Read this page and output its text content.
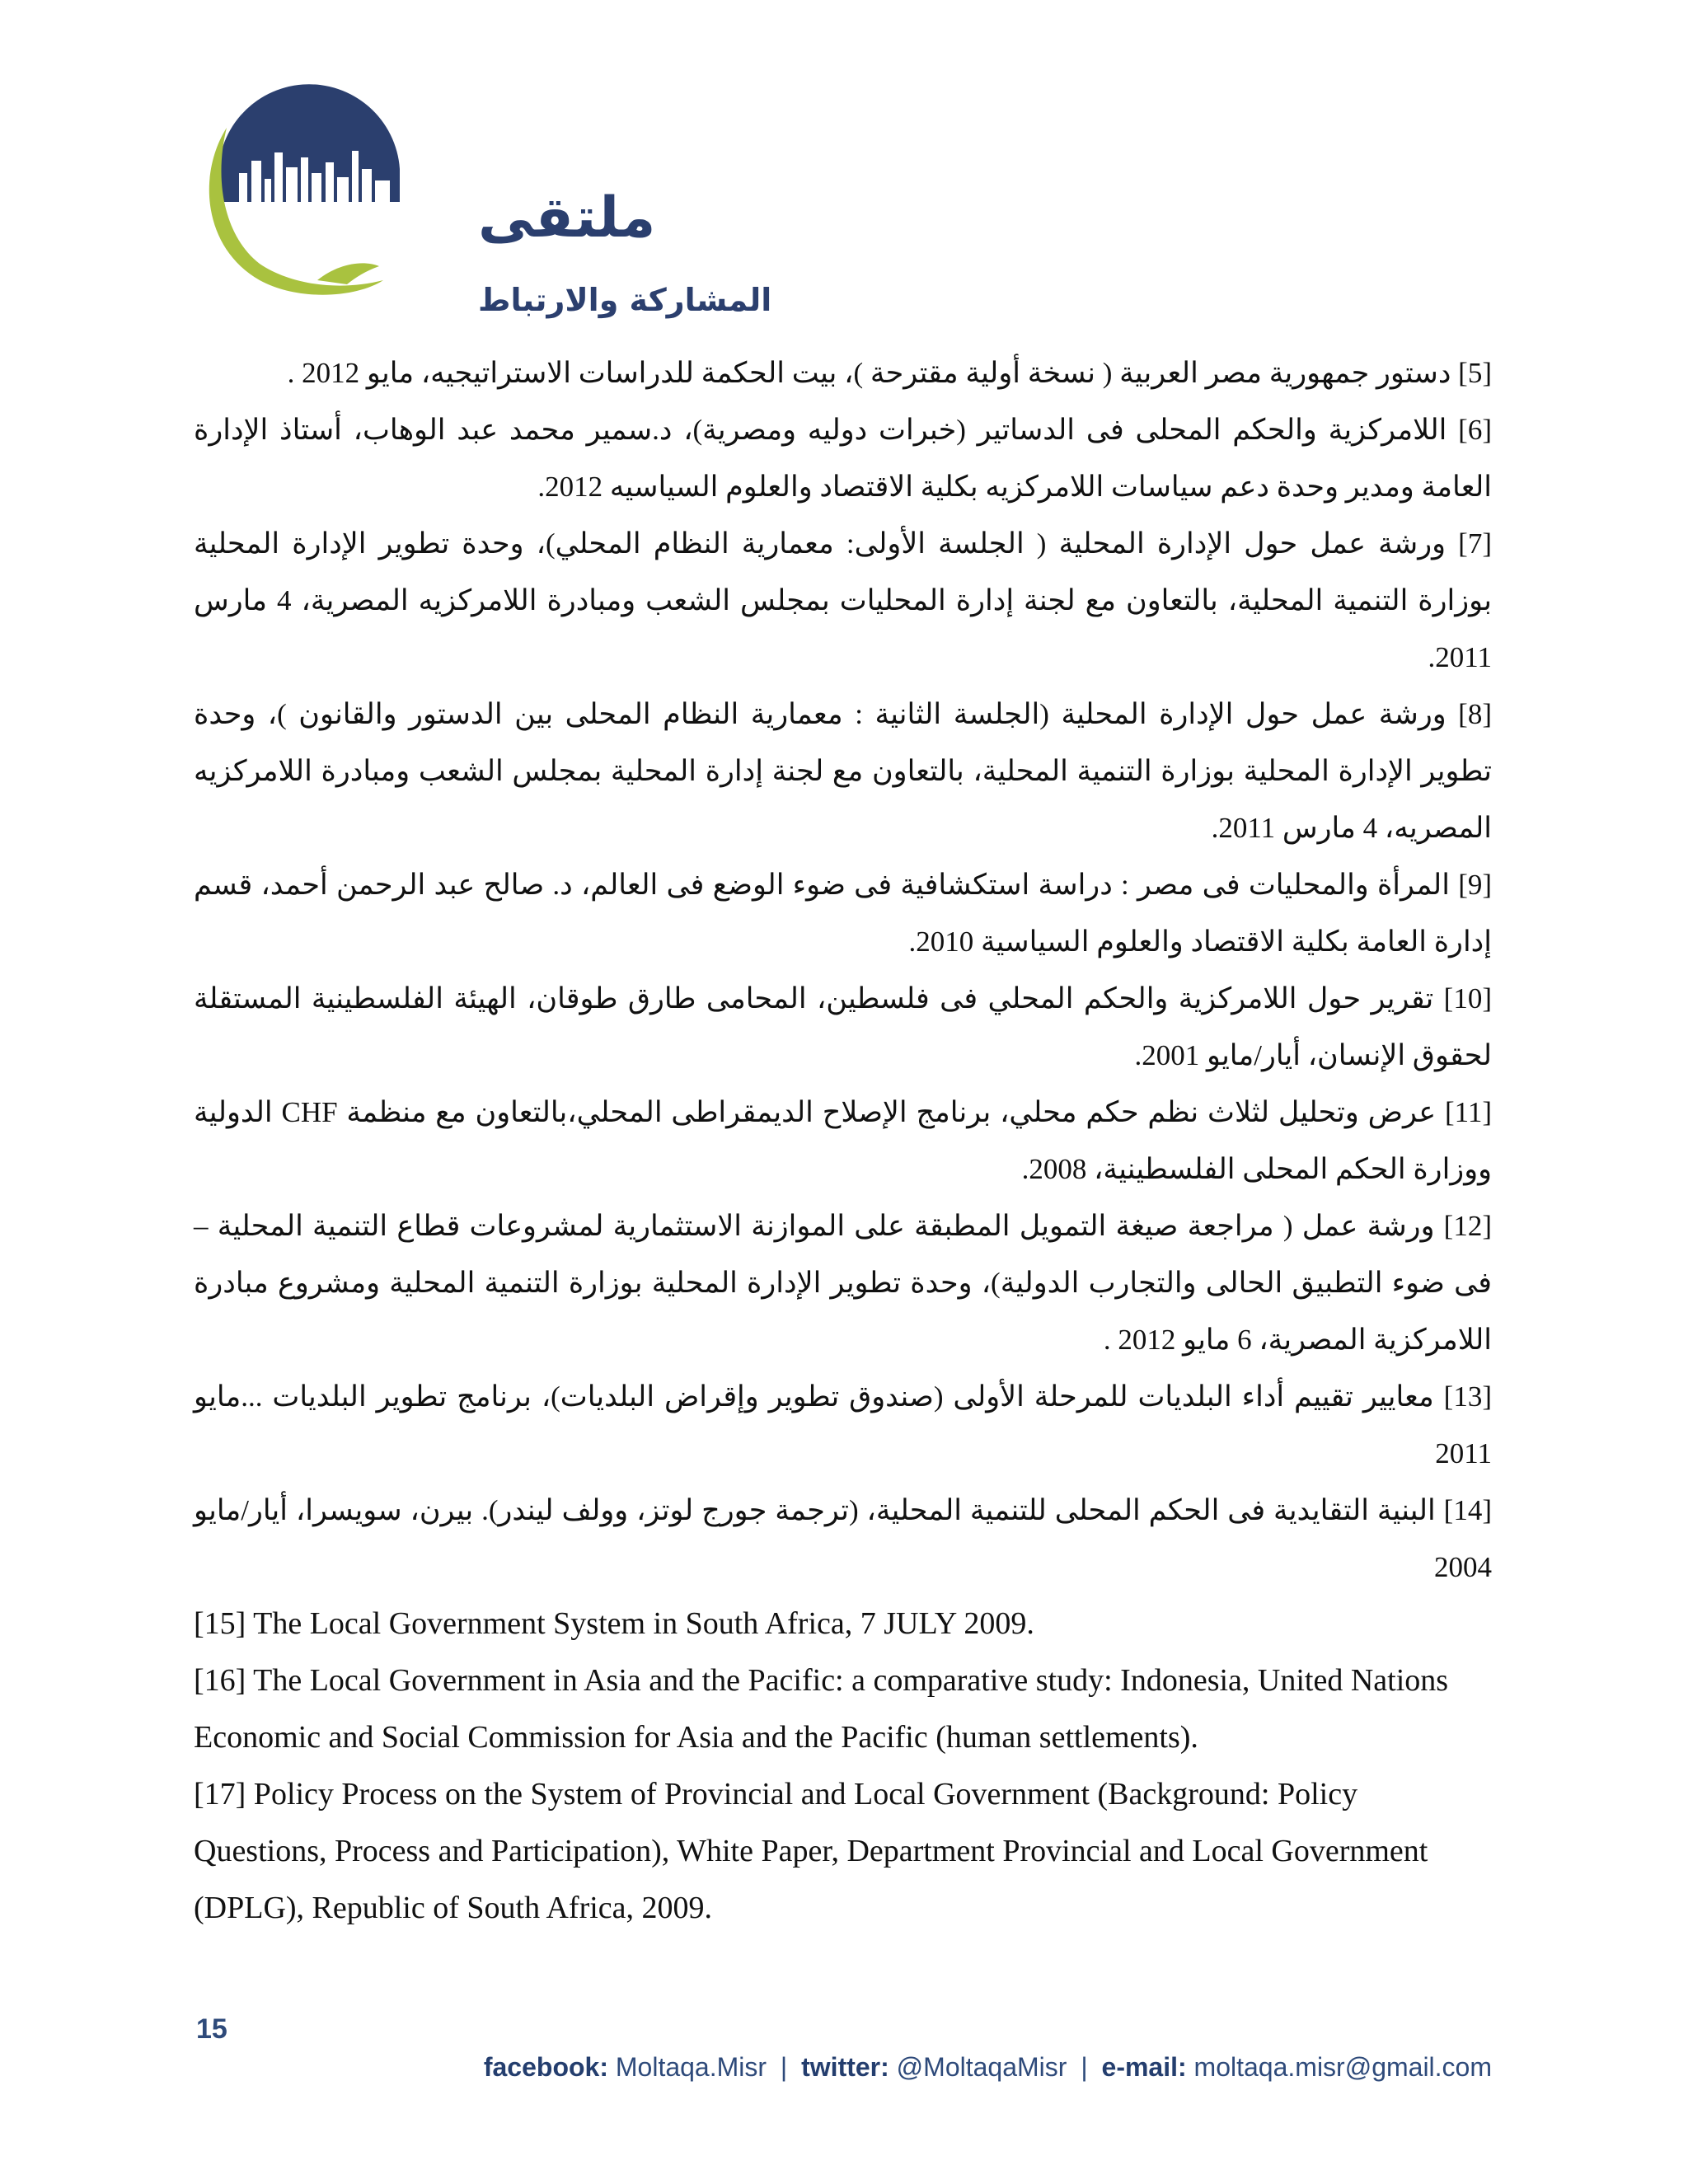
ملتقى
المشاركة والارتباط

[5] دستور جمهورية مصر العربية ( نسخة أولية مقترحة )، بيت الحكمة للدراسات الاستراتيجيه، مايو 2012 .

[6] اللامركزية والحكم المحلى فى الدساتير (خبرات دوليه ومصرية)، د.سمير محمد عبد الوهاب، أستاذ الإدارة العامة ومدير وحدة دعم سياسات اللامركزيه بكلية الاقتصاد والعلوم السياسيه 2012.

[7] ورشة عمل حول الإدارة المحلية ( الجلسة الأولى: معمارية النظام المحلي)، وحدة تطوير الإدارة المحلية بوزارة التنمية المحلية، بالتعاون مع لجنة إدارة المحليات بمجلس الشعب ومبادرة اللامركزيه المصرية، 4 مارس 2011.

[8] ورشة عمل حول الإدارة المحلية (الجلسة الثانية : معمارية النظام المحلى بين الدستور والقانون )، وحدة تطوير الإدارة المحلية بوزارة التنمية المحلية، بالتعاون مع لجنة إدارة المحلية بمجلس الشعب ومبادرة اللامركزيه المصريه، 4 مارس 2011.

[9] المرأة والمحليات فى مصر : دراسة استكشافية فى ضوء الوضع فى العالم، د. صالح عبد الرحمن أحمد، قسم إدارة العامة بكلية الاقتصاد والعلوم السياسية 2010.

[10] تقرير حول اللامركزية والحكم المحلي فى فلسطين، المحامى طارق طوقان، الهيئة الفلسطينية المستقلة لحقوق الإنسان، أيار/مايو 2001.

[11] عرض وتحليل لثلاث نظم حكم محلي، برنامج الإصلاح الديمقراطى المحلي،بالتعاون مع منظمة CHF الدولية ووزارة الحكم المحلى الفلسطينية، 2008.

[12] ورشة عمل ( مراجعة صيغة التمويل المطبقة على الموازنة الاستثمارية لمشروعات قطاع التنمية المحلية – فى ضوء التطبيق الحالى والتجارب الدولية)، وحدة تطوير الإدارة المحلية بوزارة التنمية المحلية ومشروع مبادرة اللامركزية المصرية، 6 مايو 2012 .

[13] معايير تقييم أداء البلديات للمرحلة الأولى (صندوق تطوير وإقراض البلديات)، برنامج تطوير البلديات ...مايو 2011

[14] البنية التقايدية فى الحكم المحلى للتنمية المحلية، (ترجمة جورج لوتز، وولف ليندر). بيرن، سويسرا، أيار/مايو 2004

[15] The Local Government System in South Africa, 7 JULY 2009.

[16] The Local Government in Asia and the Pacific: a comparative study: Indonesia, United Nations Economic and Social Commission for Asia and the Pacific (human settlements).

[17] Policy Process on the System of Provincial and Local Government (Background: Policy Questions, Process and Participation), White Paper, Department Provincial and Local Government (DPLG), Republic of South Africa, 2009.

15
facebook: Moltaqa.Misr | twitter: @MoltaqaMisr | e-mail: moltaqa.misr@gmail.com
